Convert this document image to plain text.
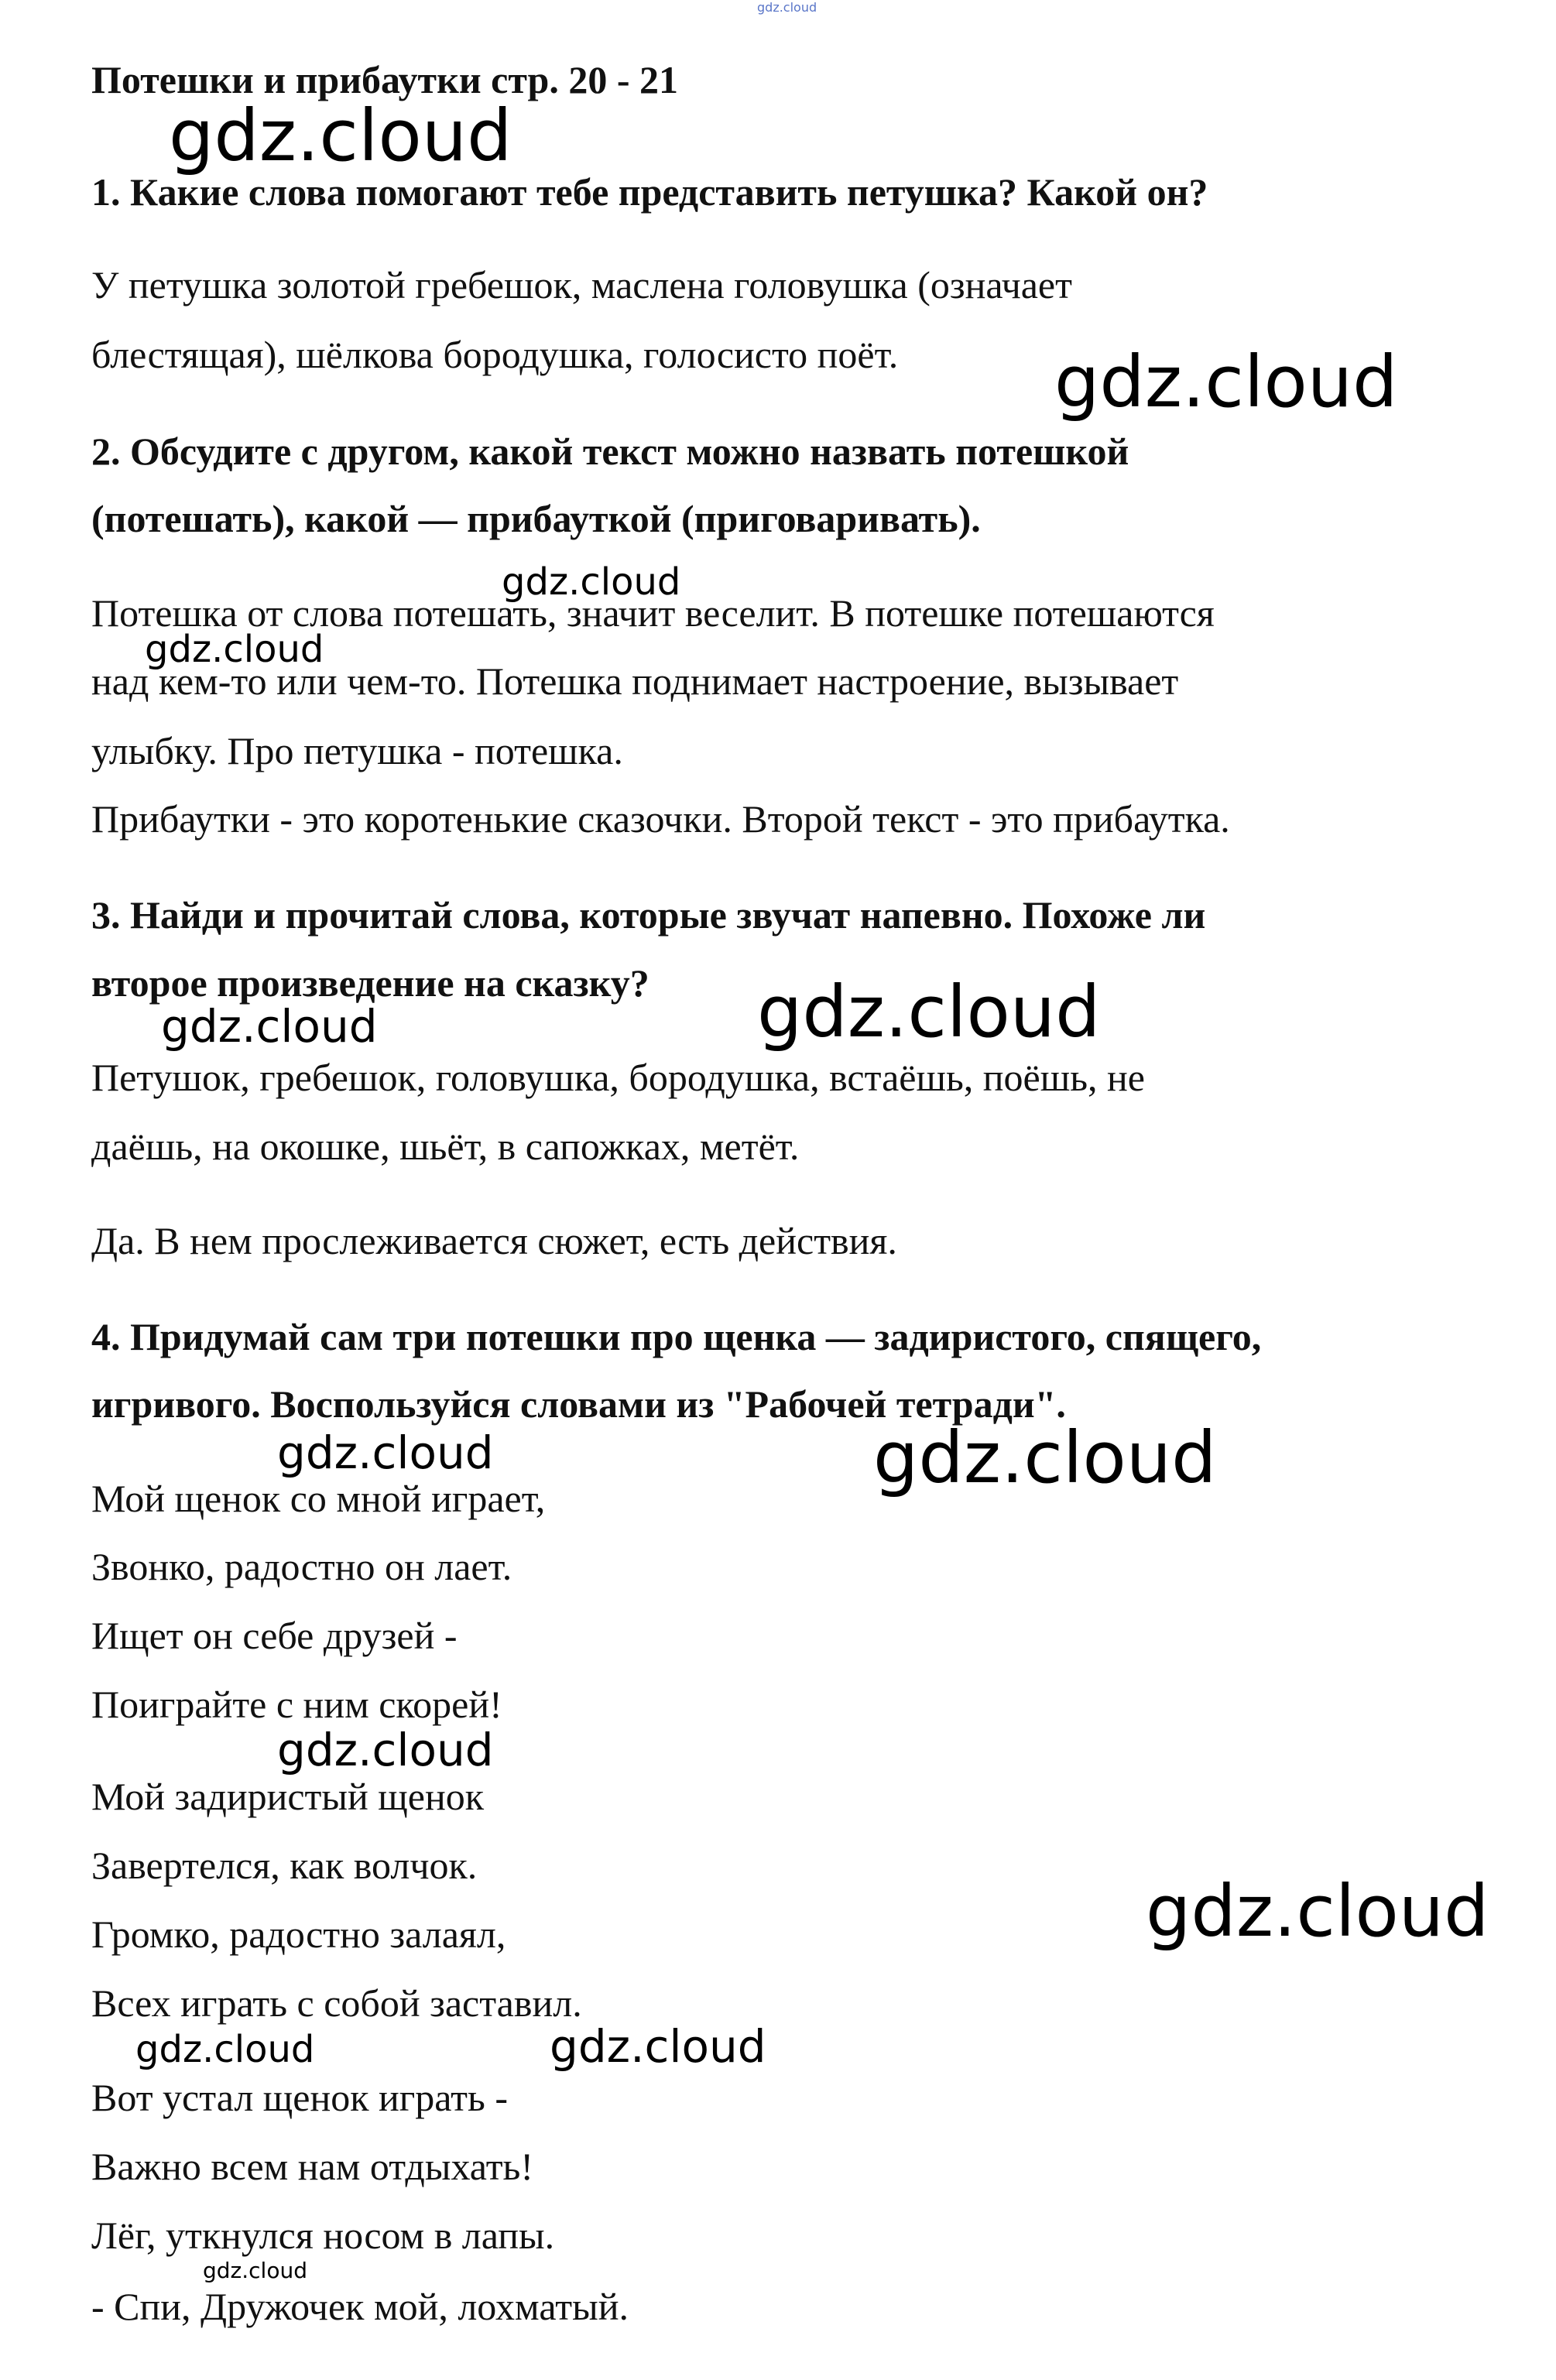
Потешки и прибаутки стр. 20 - 21
1. Какие слова помогают тебе представить петушка? Какой он?
У петушка золотой гребешок, маслена головушка (означает
блестящая), шёлкова бородушка, голосисто поёт.
2. Обсудите с другом, какой текст можно назвать потешкой
(потешать), какой — прибауткой (приговаривать).
Потешка от слова потешать, значит веселит. В потешке потешаются
над кем-то или чем-то. Потешка поднимает настроение, вызывает
улыбку. Про петушка - потешка.
Прибаутки - это коротенькие сказочки. Второй текст - это прибаутка.
3. Найди и прочитай слова, которые звучат напевно. Похоже ли
второе произведение на сказку?
Петушок, гребешок, головушка, бородушка, встаёшь, поёшь, не
даёшь, на окошке, шьёт, в сапожках, метёт.
Да. В нем прослеживается сюжет, есть действия.
4. Придумай сам три потешки про щенка — задиристого, спящего,
игривого. Воспользуйся словами из "Рабочей тетради".
Мой щенок со мной играет,
Звонко, радостно он лает.
Ищет он себе друзей -
Поиграйте с ним скорей!
Мой задиристый щенок
Завертелся, как волчок.
Громко, радостно залаял,
Всех играть с собой заставил.
Вот устал щенок играть -
Важно всем нам отдыхать!
Лёг, уткнулся носом в лапы.
- Спи, Дружочек мой, лохматый.
gdz.cloud
gdz.cloud
gdz.cloud
gdz.cloud
gdz.cloud
gdz.cloud	gdz.cloud
gdz.cloud	gdz.cloud
gdz.cloud
gdz.cloud
gdz.cloud	gdz.cloud
gdz.cloud
